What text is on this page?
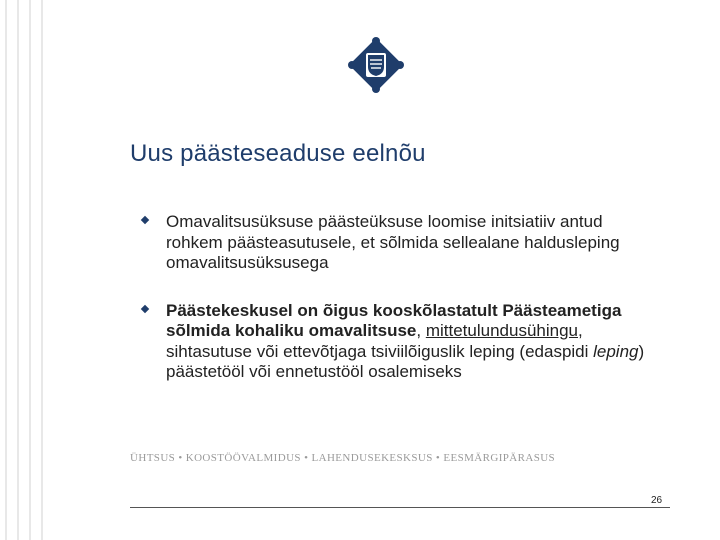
Uus päästeseaduse eelnõu
Omavalitsusüksuse päästeüksuse loomise initsiatiiv antud rohkem päästeasutusele, et sõlmida sellealane haldusleping omavalitsusüksusega
Päästekeskusel on õigus kooskõlastatult Päästeametiga sõlmida kohaliku omavalitsuse, mittetulundusühingu, sihtasutuse või ettevõtjaga tsiviilõiguslik leping (edaspidi leping) päästetööl või ennetustööl osalemiseks

ÜHTSUS • KOOSTÖÖVALMIDUS • LAHENDUSEKESKSUS • EESMÄRGIPÄRASUS

26
